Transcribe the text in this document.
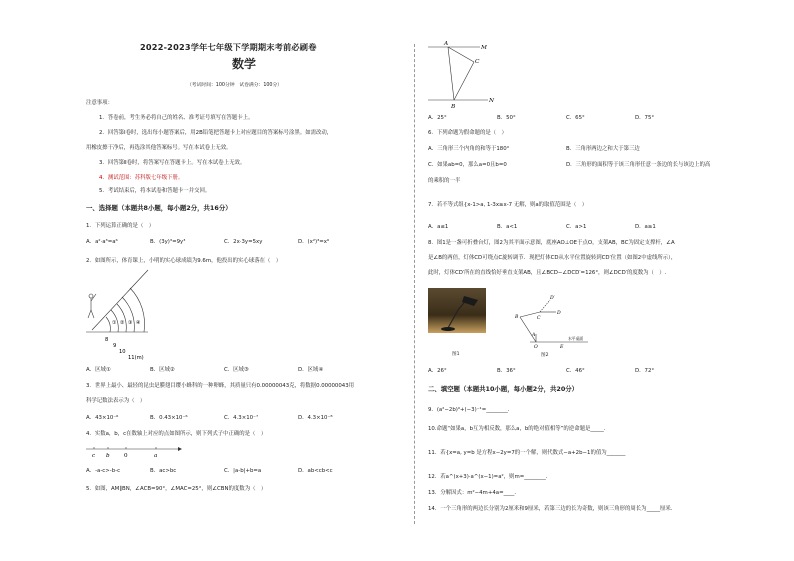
2022-2023学年七年级下学期期末考前必刷卷
数学
（考试时间：100分钟　试卷满分：100分）
注意事项：
1．答卷前，考生务必将自己的姓名、准考证号填写在答题卡上。
2．回答第Ⅰ卷时，选出每小题答案后，用2B铅笔把答题卡上对应题目的答案标号涂黑。如需改动，
用橡皮擦干净后，再选涂其他答案标号。写在本试卷上无效。
3．回答第Ⅱ卷时，将答案写在答题卡上。写在本试卷上无效。
4．测试范围：苏科版七年级下册。
5．考试结束后，将本试卷和答题卡一并交回。
一、选择题（本题共8小题，每小题2分，共16分）
1．下列运算正确的是（　）
A．a²·a³=a⁶	B．(3y)³=9y³	C．2x·3y=5xy	D．(x²)³=x⁶
2．如图所示，体育课上，小明的实心球成绩为9.6m，他投出的实心球落在（　）
① ② ③ ④
8
9
10
11(m)
A．区域①	B．区域②	C．区域③	D．区域④
3．世界上最小、最轻的昆虫是膜翅目缨小蜂科的一种卵蜂，其质量只有0.00000043克，将数据0.00000043用
科学记数法表示为（　）
A．43×10⁻⁶	B．0.43×10⁻⁶	C．4.3×10⁻⁷	D．4.3×10⁻⁸
4．实数a，b，c在数轴上对应的点如图所示，则下列式子中正确的是（　）
c b	0	a
A．-a-c>-b-c	B．ac>bc	C．|a-b|+b=a	D．ab<cb<c
5．如图，AM∥BN，∠ACB=90°，∠MAC=25°，则∠CBN的度数为（　）
A
M
C
B
N
A．25°	B．50°	C．65°	D．75°
6．下列命题为假命题的是（　）
A．三角形三个内角的和等于180°	B．三角形两边之和大于第三边
C．如果ab=0，那么a=0且b=0	D．三角形的面积等于该三角形任意一条边的长与该边上的高
的乘积的一半
7．若不等式组{x-1>a, 1-3x≥x-7 无解，则a的取值范围是（　）
A．a≤1	B．a<1	C．a>1	D．a≥1
8．图1是一盏可折叠台灯，图2为其平面示意图，底座AO⊥OE于点O，支架AB，BC为固定支撑杆，∠A
是∠B的两倍，灯体CD可绕点C旋转调节．现把灯体CD从水平位置旋转到CD′位置（如图2中虚线所示），
此时，灯体CD′所在的直线恰好垂直支架AB，且∠BCD−∠DCD′=126°，则∠DCD′的度数为（　）.
图1
D′
B	C
D
A
O	E
水平桌面
图2
A．26°	B．36°	C．46°	D．72°
二、填空题（本题共10小题，每小题2分，共20分）
9．(a²−2b)⁰+(−3)⁻¹=________．
10.命题“如果a，b互为相反数，那么a，b的绝对值相等”的逆命题是_____．
11．若{x=a, y=b 是方程x−2y=7的一个解，则代数式−a+2b−1的值为_______
12．若a^(x+3)·a^(x−1)=a²，则m=________．
13．分解因式：m²−4m+4a=____．
14．一个三角形的两边长分别为2厘米和9厘米，若第三边的长为奇数，则该三角形的周长为_____厘米．
